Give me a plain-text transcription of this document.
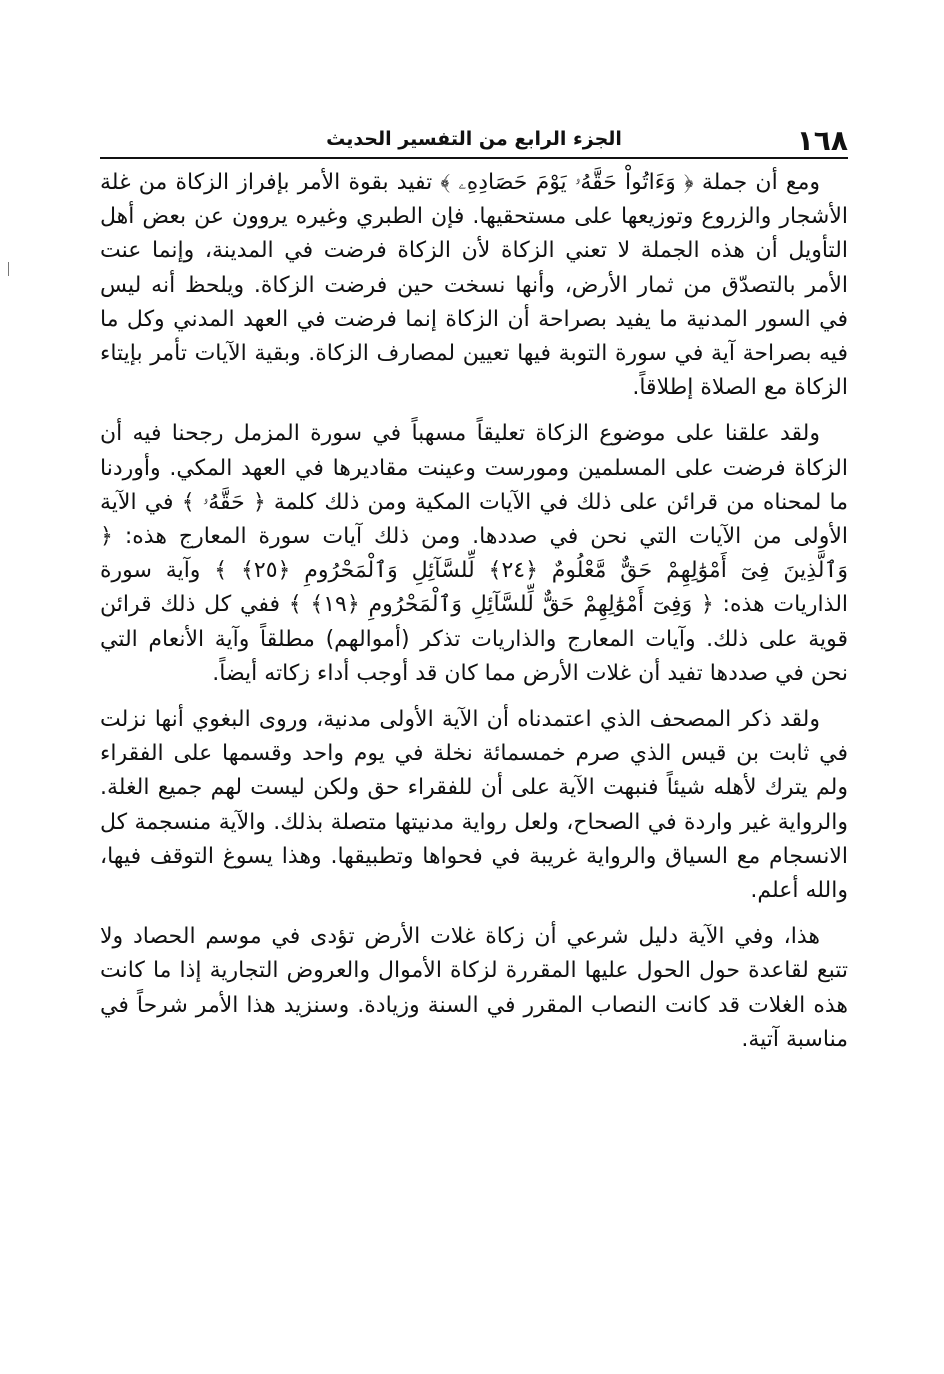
١٦٨
الجزء الرابع من التفسير الحديث

ومع أن جملة ﴿ وَءَاتُواْ حَقَّهُۥ يَوْمَ حَصَادِهِۦ ﴾ تفيد بقوة الأمر بإفراز الزكاة من غلة الأشجار والزروع وتوزيعها على مستحقيها. فإن الطبري وغيره يروون عن بعض أهل التأويل أن هذه الجملة لا تعني الزكاة لأن الزكاة فرضت في المدينة، وإنما عنت الأمر بالتصدّق من ثمار الأرض، وأنها نسخت حين فرضت الزكاة. ويلحظ أنه ليس في السور المدنية ما يفيد بصراحة أن الزكاة إنما فرضت في العهد المدني وكل ما فيه بصراحة آية في سورة التوبة فيها تعيين لمصارف الزكاة. وبقية الآيات تأمر بإيتاء الزكاة مع الصلاة إطلاقاً.

ولقد علقنا على موضوع الزكاة تعليقاً مسهباً في سورة المزمل رجحنا فيه أن الزكاة فرضت على المسلمين ومورست وعينت مقاديرها في العهد المكي. وأوردنا ما لمحناه من قرائن على ذلك في الآيات المكية ومن ذلك كلمة ﴿ حَقَّهُۥ ﴾ في الآية الأولى من الآيات التي نحن في صددها. ومن ذلك آيات سورة المعارج هذه: ﴿ وَٱلَّذِينَ فِىٓ أَمْوَٰلِهِمْ حَقٌّ مَّعْلُومٌ ﴿٢٤﴾ لِّلسَّآئِلِ وَٱلْمَحْرُومِ ﴿٢٥﴾ ﴾ وآية سورة الذاريات هذه: ﴿ وَفِىٓ أَمْوَٰلِهِمْ حَقٌّ لِّلسَّآئِلِ وَٱلْمَحْرُومِ ﴿١٩﴾ ﴾ ففي كل ذلك قرائن قوية على ذلك. وآيات المعارج والذاريات تذكر (أموالهم) مطلقاً وآية الأنعام التي نحن في صددها تفيد أن غلات الأرض مما كان قد أوجب أداء زكاته أيضاً.

ولقد ذكر المصحف الذي اعتمدناه أن الآية الأولى مدنية، وروى البغوي أنها نزلت في ثابت بن قيس الذي صرم خمسمائة نخلة في يوم واحد وقسمها على الفقراء ولم يترك لأهله شيئاً فنبهت الآية على أن للفقراء حق ولكن ليست لهم جميع الغلة. والرواية غير واردة في الصحاح، ولعل رواية مدنيتها متصلة بذلك. والآية منسجمة كل الانسجام مع السياق والرواية غريبة في فحواها وتطبيقها. وهذا يسوغ التوقف فيها، والله أعلم.

هذا، وفي الآية دليل شرعي أن زكاة غلات الأرض تؤدى في موسم الحصاد ولا تتبع لقاعدة حول الحول عليها المقررة لزكاة الأموال والعروض التجارية إذا ما كانت هذه الغلات قد كانت النصاب المقرر في السنة وزيادة. وسنزيد هذا الأمر شرحاً في مناسبة آتية.
